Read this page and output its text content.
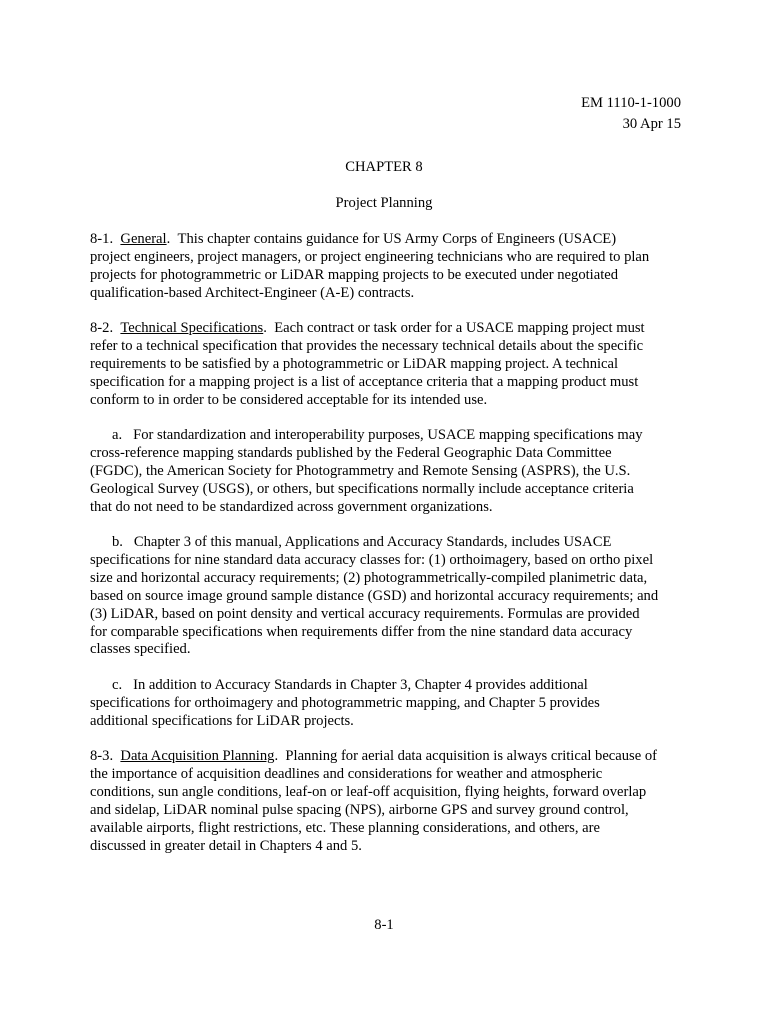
EM 1110-1-1000
30 Apr 15
CHAPTER 8
Project Planning

8-1. General.  This chapter contains guidance for US Army Corps of Engineers (USACE)

project engineers, project managers, or project engineering technicians who are required to plan

projects for photogrammetric or LiDAR mapping projects to be executed under negotiated

qualification-based Architect-Engineer (A-E) contracts.

8-2. Technical Specifications.  Each contract or task order for a USACE mapping project must

refer to a technical specification that provides the necessary technical details about the specific

requirements to be satisfied by a photogrammetric or LiDAR mapping project. A technical

specification for a mapping project is a list of acceptance criteria that a mapping product must

conform to in order to be considered acceptable for its intended use.

a. For standardization and interoperability purposes, USACE mapping specifications may

cross-reference mapping standards published by the Federal Geographic Data Committee

(FGDC), the American Society for Photogrammetry and Remote Sensing (ASPRS), the U.S.

Geological Survey (USGS), or others, but specifications normally include acceptance criteria

that do not need to be standardized across government organizations.

b. Chapter 3 of this manual, Applications and Accuracy Standards, includes USACE

specifications for nine standard data accuracy classes for: (1) orthoimagery, based on ortho pixel

size and horizontal accuracy requirements; (2) photogrammetrically-compiled planimetric data,

based on source image ground sample distance (GSD) and horizontal accuracy requirements; and

(3) LiDAR, based on point density and vertical accuracy requirements. Formulas are provided

for comparable specifications when requirements differ from the nine standard data accuracy

classes specified.

c. In addition to Accuracy Standards in Chapter 3, Chapter 4 provides additional

specifications for orthoimagery and photogrammetric mapping, and Chapter 5 provides

additional specifications for LiDAR projects.

8-3. Data Acquisition Planning.  Planning for aerial data acquisition is always critical because of

the importance of acquisition deadlines and considerations for weather and atmospheric

conditions, sun angle conditions, leaf-on or leaf-off acquisition, flying heights, forward overlap

and sidelap, LiDAR nominal pulse spacing (NPS), airborne GPS and survey ground control,

available airports, flight restrictions, etc. These planning considerations, and others, are

discussed in greater detail in Chapters 4 and 5.

8-1
